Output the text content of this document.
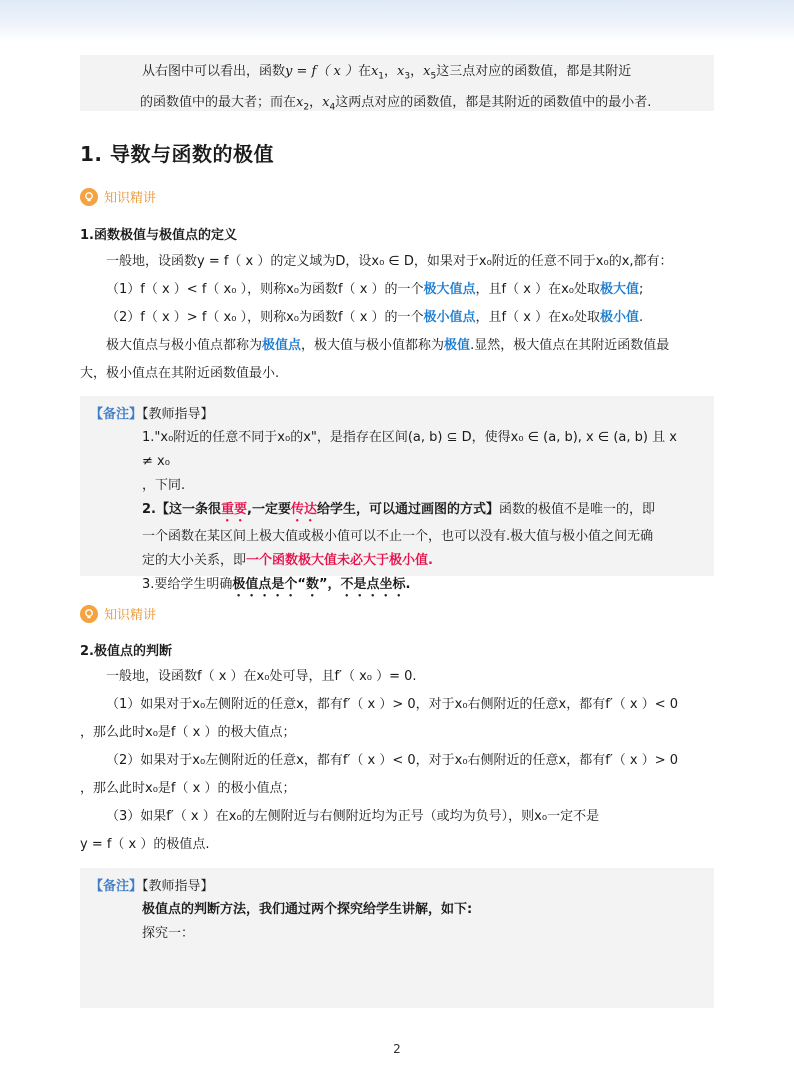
从右图中可以看出，函数y = f（ x ）在$x_1$，$x_3$，$x_5$这三点对应的函数值，都是其附近
的函数值中的最大者；而在$x_2$，$x_4$这两点对应的函数值，都是其附近的函数值中的最小者.
1. 导数与函数的极值
知识精讲
1.函数极值与极值点的定义
一般地，设函数y = f（ x ）的定义域为D，设x₀ ∈ D，如果对于x₀附近的任意不同于x₀的x,都有：
（1）f（ x ）< f（ x₀ ），则称x₀为函数f（ x ）的一个极大值点，且f（ x ）在x₀处取极大值;
（2）f（ x ）> f（ x₀ ），则称x₀为函数f（ x ）的一个极小值点，且f（ x ）在x₀处取极小值.
极大值点与极小值点都称为极值点，极大值与极小值都称为极值.显然，极大值点在其附近函数值最
大，极小值点在其附近函数值最小.
【备注】【教师指导】
1."x₀附近的任意不同于x₀的x"，是指存在区间(a, b) ⊆ D，使得x₀ ∈ (a, b), x ∈ (a, b) 且 x ≠ x₀
，下同.
2.【这一条很重要,一定要传达给学生，可以通过画图的方式】函数的极值不是唯一的，即
一个函数在某区间上极大值或极小值可以不止一个，也可以没有.极大值与极小值之间无确
定的大小关系，即一个函数极大值未必大于极小值.
3.要给学生明确极值点是个“数”，不是点坐标.
知识精讲
2.极值点的判断
一般地，设函数f（ x ）在x₀处可导，且f′（ x₀ ）= 0.
（1）如果对于x₀左侧附近的任意x，都有f′（ x ）> 0，对于x₀右侧附近的任意x，都有f′（ x ）< 0
，那么此时x₀是f（ x ）的极大值点；
（2）如果对于x₀左侧附近的任意x，都有f′（ x ）< 0，对于x₀右侧附近的任意x，都有f′（ x ）> 0
，那么此时x₀是f（ x ）的极小值点；
（3）如果f′（ x ）在x₀的左侧附近与右侧附近均为正号（或均为负号），则x₀一定不是
y = f（ x ）的极值点.
【备注】【教师指导】
极值点的判断方法，我们通过两个探究给学生讲解，如下:
探究一：
2
